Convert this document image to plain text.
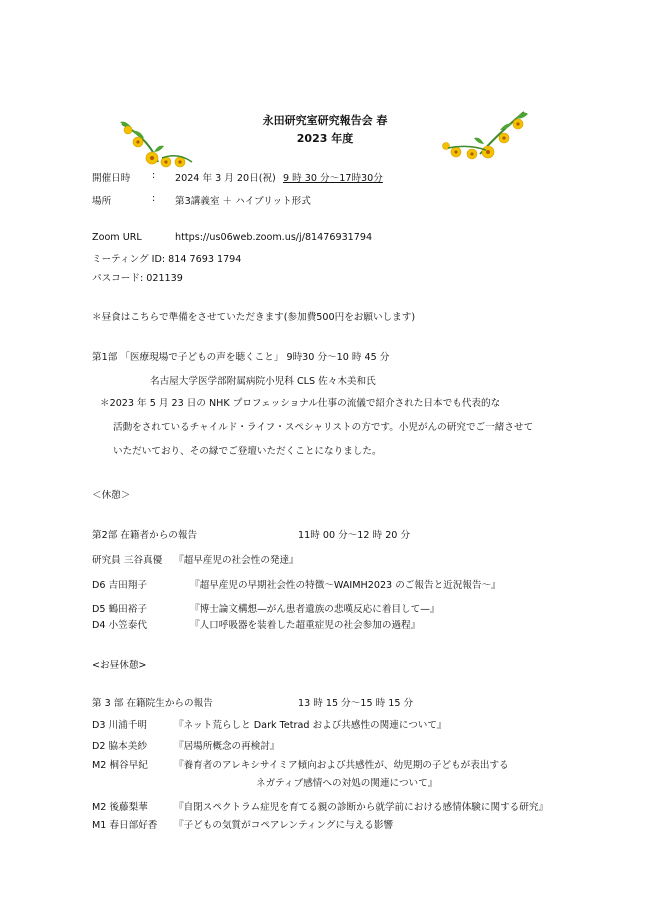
永田研究室研究報告会 春
2023 年度
開催日時 : 2024 年 3 月 20日(祝) 9 時 30 分～17時30分
場所	: 第3講義室 ＋ ハイブリット形式
Zoom URL	https://us06web.zoom.us/j/81476931794
ミーティング ID: 814 7693 1794
パスコード: 021139
＊昼食はこちらで準備をさせていただきます(参加費500円をお願いします)
第1部 「医療現場で子どもの声を聴くこと」 9時30 分～10 時 45 分
名古屋大学医学部附属病院小児科 CLS 佐々木美和氏
＊2023 年 5 月 23 日の NHK プロフェッショナル仕事の流儀で紹介された日本でも代表的な
活動をされているチャイルド・ライフ・スペシャリストの方です。小児がんの研究でご一緒させて
いただいており、その縁でご登壇いただくことになりました。
＜休憩＞
第2部 在籍者からの報告	11時 00 分～12 時 20 分
研究員 三谷真優 『超早産児の社会性の発達』
D6 吉田翔子	『超早産児の早期社会性の特徴～WAIMH2023 のご報告と近況報告～』
D5 鶴田裕子	『博士論文構想—がん患者遺族の悲嘆反応に着目して—』
D4 小笠泰代	『人口呼吸器を装着した超重症児の社会参加の過程』
<お昼休憩>
第 3 部 在籍院生からの報告	13 時 15 分～15 時 15 分
D3 川浦千明	『ネット荒らしと Dark Tetrad および共感性の関連について』
D2 脇本美紗	『居場所概念の再検討』
M2 桐谷早紀	『養育者のアレキシサイミア傾向および共感性が、幼児期の子どもが表出する
ネガティブ感情への対処の関連について』
M2 後藤梨華	『自閉スペクトラム症児を育てる親の診断から就学前における感情体験に関する研究』
M1 春日部好香 『子どもの気質がコペアレンティングに与える影響
